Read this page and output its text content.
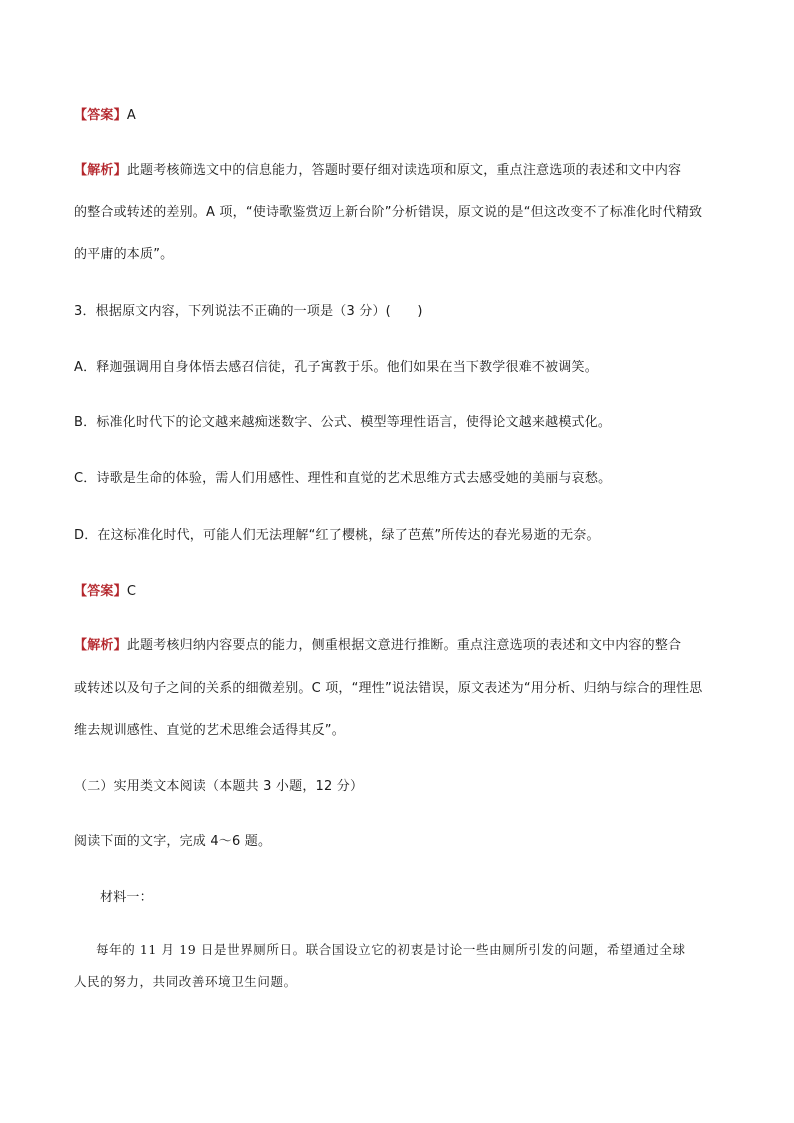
【答案】A
【解析】此题考核筛选文中的信息能力，答题时要仔细对读选项和原文，重点注意选项的表述和文中内容
的整合或转述的差别。A 项，“使诗歌鉴赏迈上新台阶”分析错误，原文说的是“但这改变不了标准化时代精致
的平庸的本质”。
3．根据原文内容，下列说法不正确的一项是（3 分）(　　)
A．释迦强调用自身体悟去感召信徒，孔子寓教于乐。他们如果在当下教学很难不被调笑。
B．标准化时代下的论文越来越痴迷数字、公式、模型等理性语言，使得论文越来越模式化。
C．诗歌是生命的体验，需人们用感性、理性和直觉的艺术思维方式去感受她的美丽与哀愁。
D．在这标准化时代，可能人们无法理解“红了樱桃，绿了芭蕉”所传达的春光易逝的无奈。
【答案】C
【解析】此题考核归纳内容要点的能力，侧重根据文意进行推断。重点注意选项的表述和文中内容的整合
或转述以及句子之间的关系的细微差别。C 项，“理性”说法错误，原文表述为“用分析、归纳与综合的理性思
维去规训感性、直觉的艺术思维会适得其反”。
（二）实用类文本阅读（本题共 3 小题，12 分）
阅读下面的文字，完成 4～6 题。
材料一：
每年的 11 月 19 日是世界厕所日。联合国设立它的初衷是讨论一些由厕所引发的问题，希望通过全球
人民的努力，共同改善环境卫生问题。
